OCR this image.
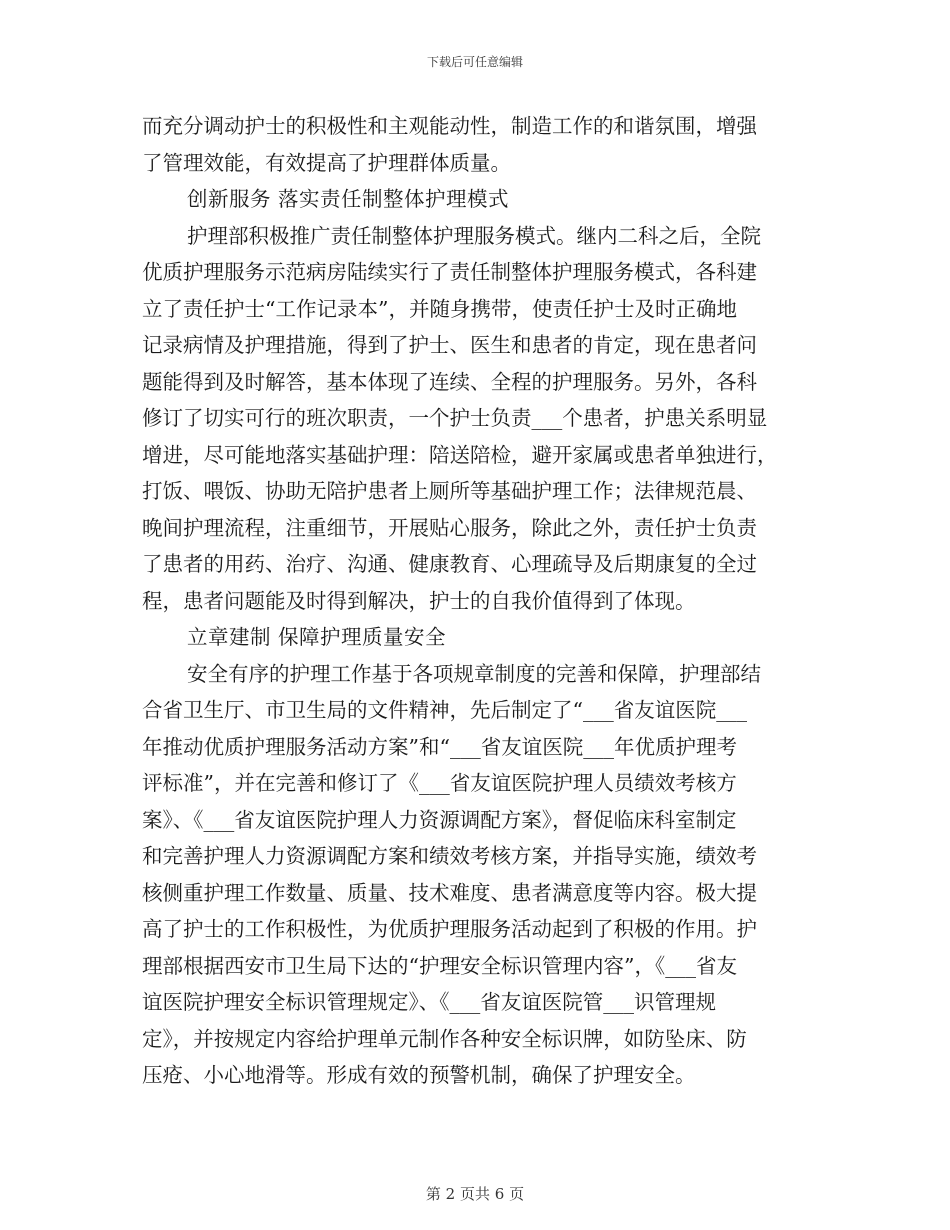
下载后可任意编辑
而充分调动护士的积极性和主观能动性，制造工作的和谐氛围，增强
了管理效能，有效提高了护理群体质量。
创新服务 落实责任制整体护理模式
护理部积极推广责任制整体护理服务模式。继内二科之后，全院
优质护理服务示范病房陆续实行了责任制整体护理服务模式，各科建
立了责任护士“工作记录本”，并随身携带，使责任护士及时正确地
记录病情及护理措施，得到了护士、医生和患者的肯定，现在患者问
题能得到及时解答，基本体现了连续、全程的护理服务。另外，各科
修订了切实可行的班次职责，一个护士负责___个患者，护患关系明显
增进，尽可能地落实基础护理：陪送陪检，避开家属或患者单独进行，
打饭、喂饭、协助无陪护患者上厕所等基础护理工作；法律规范晨、
晚间护理流程，注重细节，开展贴心服务，除此之外，责任护士负责
了患者的用药、治疗、沟通、健康教育、心理疏导及后期康复的全过
程，患者问题能及时得到解决，护士的自我价值得到了体现。
立章建制 保障护理质量安全
安全有序的护理工作基于各项规章制度的完善和保障，护理部结
合省卫生厅、市卫生局的文件精神，先后制定了“___省友谊医院___
年推动优质护理服务活动方案”和“___省友谊医院___年优质护理考
评标准”，并在完善和修订了《___省友谊医院护理人员绩效考核方
案》、《___省友谊医院护理人力资源调配方案》，督促临床科室制定
和完善护理人力资源调配方案和绩效考核方案，并指导实施，绩效考
核侧重护理工作数量、质量、技术难度、患者满意度等内容。极大提
高了护士的工作积极性，为优质护理服务活动起到了积极的作用。护
理部根据西安市卫生局下达的“护理安全标识管理内容”，《___省友
谊医院护理安全标识管理规定》、《___省友谊医院管___识管理规
定》，并按规定内容给护理单元制作各种安全标识牌，如防坠床、防
压疮、小心地滑等。形成有效的预警机制，确保了护理安全。
第 2 页共 6 页
